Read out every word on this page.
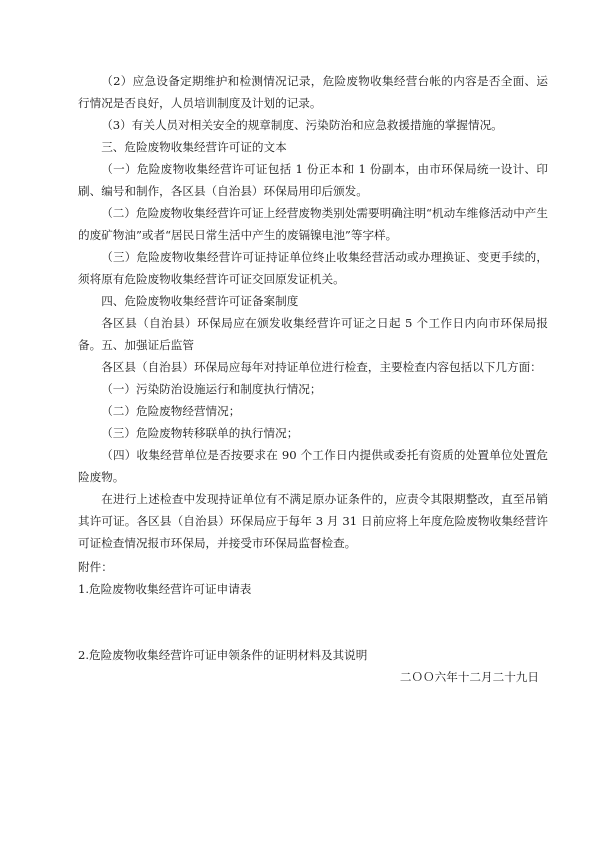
（2）应急设备定期维护和检测情况记录，危险废物收集经营台帐的内容是否全面、运行情况是否良好，人员培训制度及计划的记录。
（3）有关人员对相关安全的规章制度、污染防治和应急救援措施的掌握情况。
三、危险废物收集经营许可证的文本
（一）危险废物收集经营许可证包括 1 份正本和 1 份副本，由市环保局统一设计、印刷、编号和制作，各区县（自治县）环保局用印后颁发。
（二）危险废物收集经营许可证上经营废物类别处需要明确注明“机动车维修活动中产生的废矿物油”或者“居民日常生活中产生的废镉镍电池”等字样。
（三）危险废物收集经营许可证持证单位终止收集经营活动或办理换证、变更手续的，须将原有危险废物收集经营许可证交回原发证机关。
四、危险废物收集经营许可证备案制度
各区县（自治县）环保局应在颁发收集经营许可证之日起 5 个工作日内向市环保局报备。 五、加强证后监管
各区县（自治县）环保局应每年对持证单位进行检查，主要检查内容包括以下几方面：
（一）污染防治设施运行和制度执行情况；
（二）危险废物经营情况；
（三）危险废物转移联单的执行情况；
（四）收集经营单位是否按要求在 90 个工作日内提供或委托有资质的处置单位处置危险废物。
在进行上述检查中发现持证单位有不满足原办证条件的，应责令其限期整改，直至吊销其许可证。各区县（自治县）环保局应于每年 3 月 31 日前应将上年度危险废物收集经营许可证检查情况报市环保局，并接受市环保局监督检查。
附件：
1.危险废物收集经营许可证申请表
2.危险废物收集经营许可证申领条件的证明材料及其说明
二ＯＯ六年十二月二十九日
